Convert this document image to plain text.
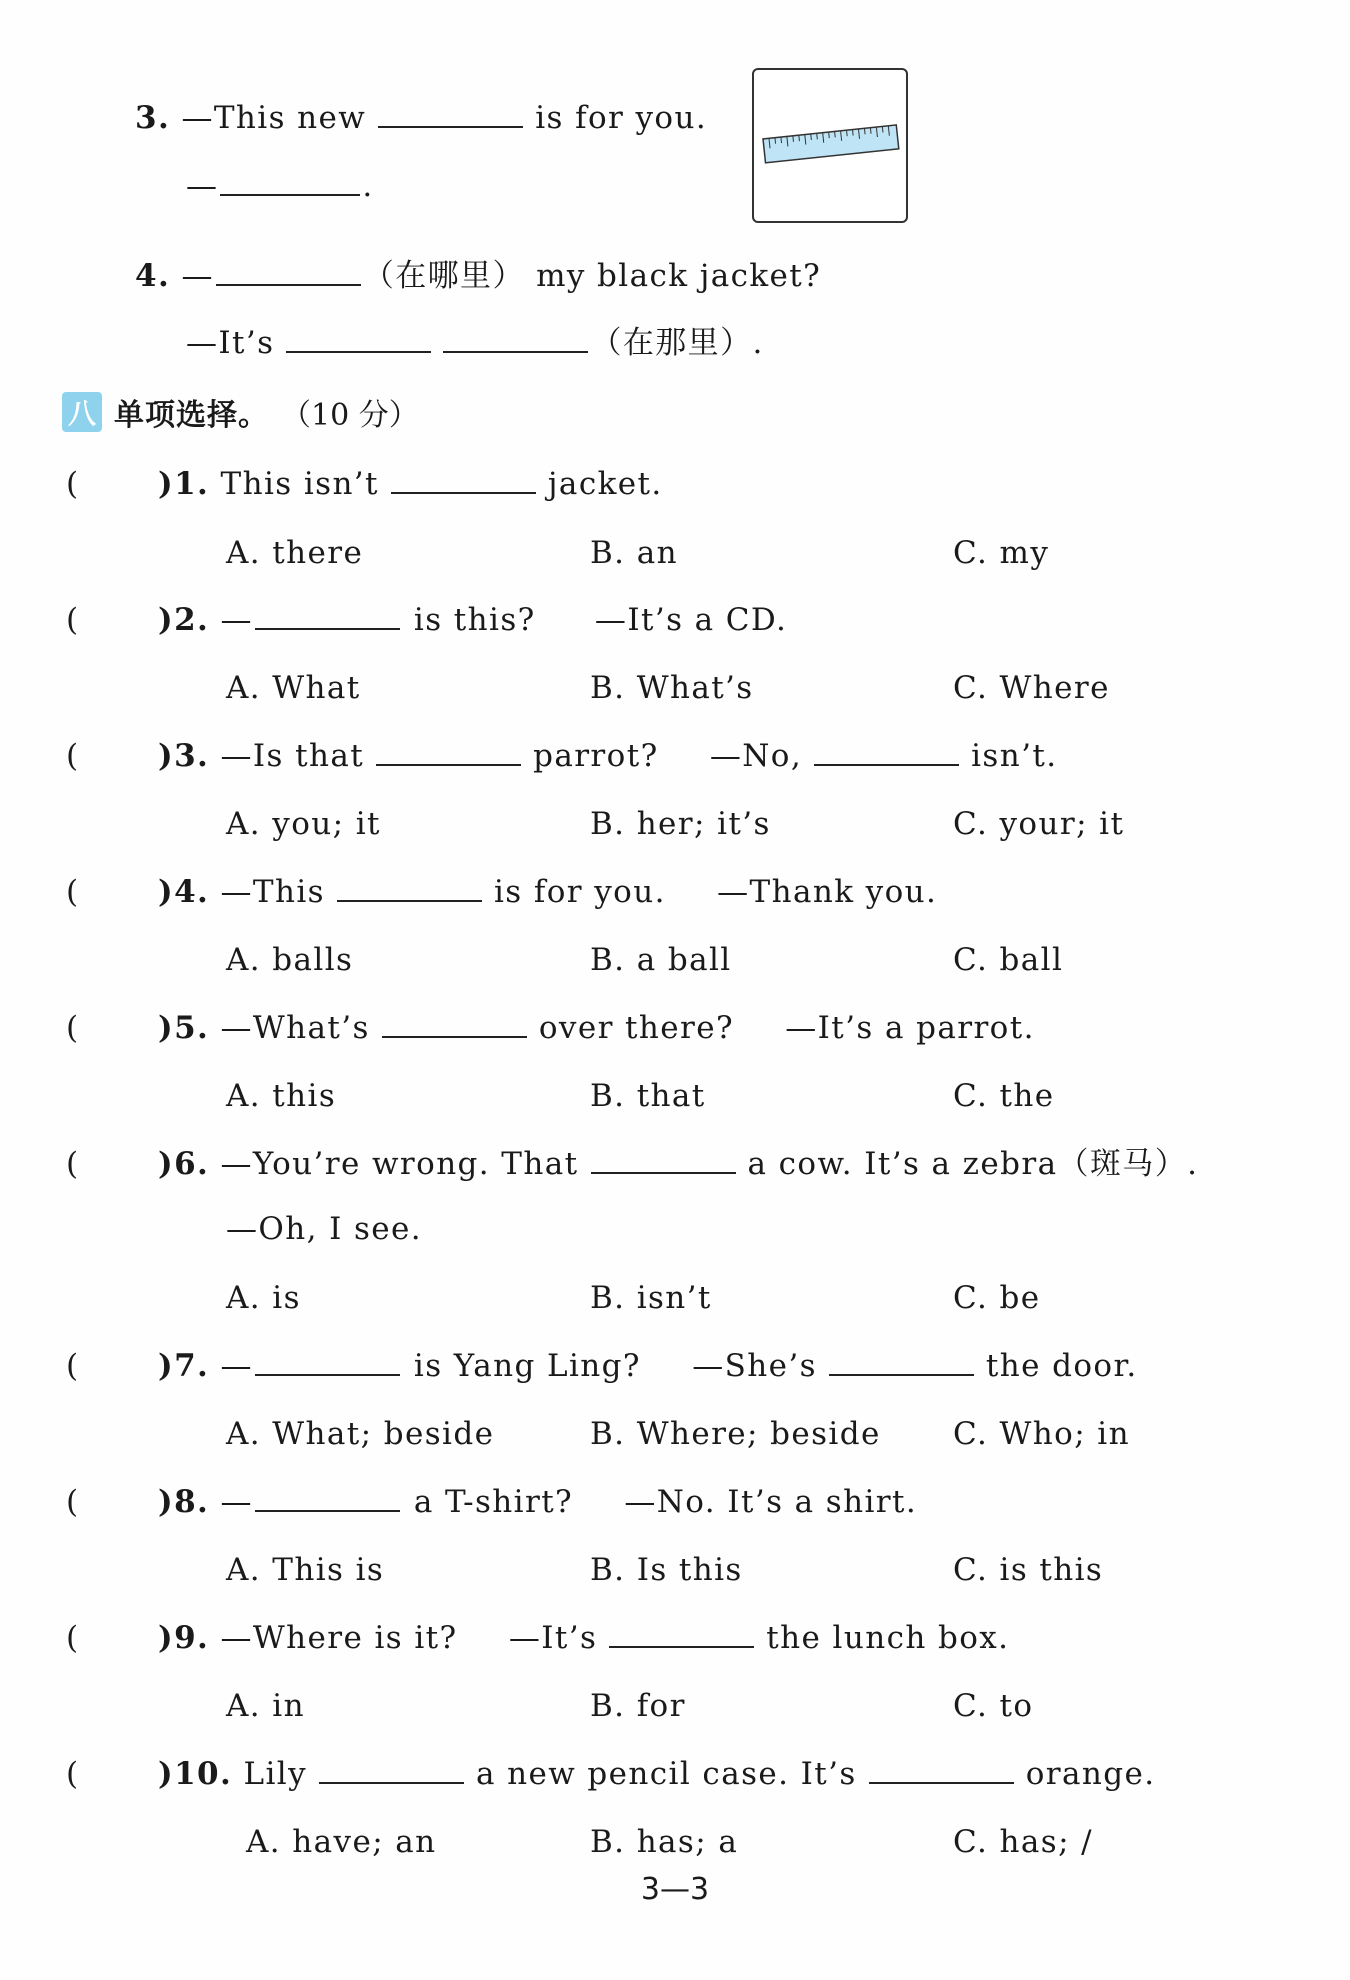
3. —This new	is for you.
—	.
4. —	（在哪里） my black jacket?
—It’s	（在那里）.
八 单项选择。 （10 分）
(	)1. This isn’t	jacket.
A. there	B. an	C. my
(	)2. —	is this? —It’s a CD.
A. What	B. What’s	C. Where
(	)3. —Is that	parrot? —No,	isn’t.
A. you; it	B. her; it’s	C. your; it
(	)4. —This	is for you. —Thank you.
A. balls	B. a ball	C. ball
(	)5. —What’s	over there? —It’s a parrot.
A. this	B. that	C. the
(	)6. —You’re wrong. That	a cow. It’s a zebra（斑马）.
—Oh, I see.
A. is	B. isn’t	C. be
(	)7. —	is Yang Ling? —She’s	the door.
A. What; beside	B. Where; beside C. Who; in
(	)8. —	a T-shirt? —No. It’s a shirt.
A. This is	B. Is this	C. is this
(	)9. —Where is it? —It’s	the lunch box.
A. in	B. for	C. to
(	)10. Lily	a new pencil case. It’s	orange.
A. have; an	B. has; a	C. has; /
3—3
